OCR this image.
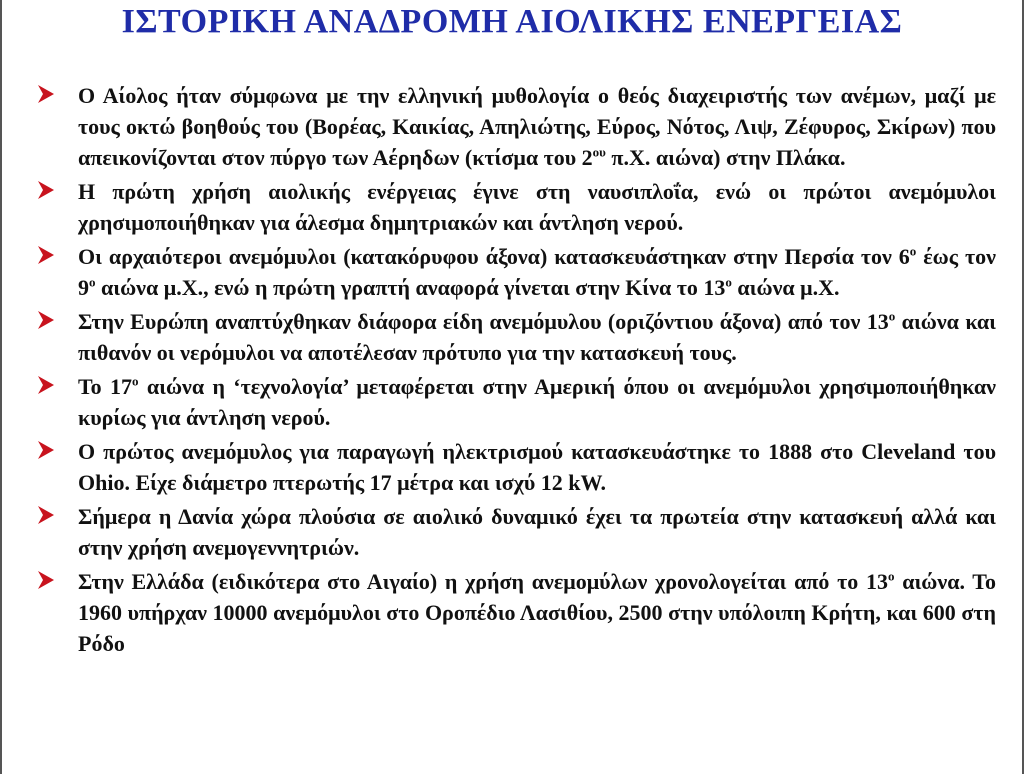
ΙΣΤΟΡΙΚΗ ΑΝΑΔΡΟΜΗ ΑΙΟΛΙΚΗΣ ΕΝΕΡΓΕΙΑΣ
Ο Αίολος ήταν σύμφωνα με την ελληνική μυθολογία ο θεός διαχειριστής των ανέμων, μαζί με τους οκτώ βοηθούς του (Βορέας, Καικίας, Απηλιώτης, Εύρος, Νότος, Λιψ, Ζέφυρος, Σκίρων) που απεικονίζονται στον πύργο των Αέρηδων (κτίσμα του $2^{o\upsilon}$ π.Χ. αιώνα) στην Πλάκα.
Η πρώτη χρήση αιολικής ενέργειας έγινε στη ναυσιπλοΐα, ενώ οι πρώτοι ανεμόμυλοι χρησιμοποιήθηκαν για άλεσμα δημητριακών και άντληση νερού.
Οι αρχαιότεροι ανεμόμυλοι (κατακόρυφου άξονα) κατασκευάστηκαν στην Περσία τον $6^o$ έως τον $9^o$ αιώνα μ.Χ., ενώ η πρώτη γραπτή αναφορά γίνεται στην Κίνα το $13^o$ αιώνα μ.Χ.
Στην Ευρώπη αναπτύχθηκαν διάφορα είδη ανεμόμυλου (οριζόντιου άξονα) από τον $13^o$ αιώνα και πιθανόν οι νερόμυλοι να αποτέλεσαν πρότυπο για την κατασκευή τους.
Το $17^o$ αιώνα η ‘τεχνολογία’ μεταφέρεται στην Αμερική όπου οι ανεμόμυλοι χρησιμοποιήθηκαν κυρίως για άντληση νερού.
Ο πρώτος ανεμόμυλος για παραγωγή ηλεκτρισμού κατασκευάστηκε το 1888 στο Cleveland του Ohio. Είχε διάμετρο πτερωτής 17 μέτρα και ισχύ 12 kW.
Σήμερα η Δανία χώρα πλούσια σε αιολικό δυναμικό έχει τα πρωτεία στην κατασκευή αλλά και στην χρήση ανεμογεννητριών.
Στην Ελλάδα (ειδικότερα στο Αιγαίο) η χρήση ανεμομύλων χρονολογείται από το $13^o$ αιώνα. Το 1960 υπήρχαν 10000 ανεμόμυλοι στο Οροπέδιο Λασιθίου, 2500 στην υπόλοιπη Κρήτη, και 600 στη Ρόδο
